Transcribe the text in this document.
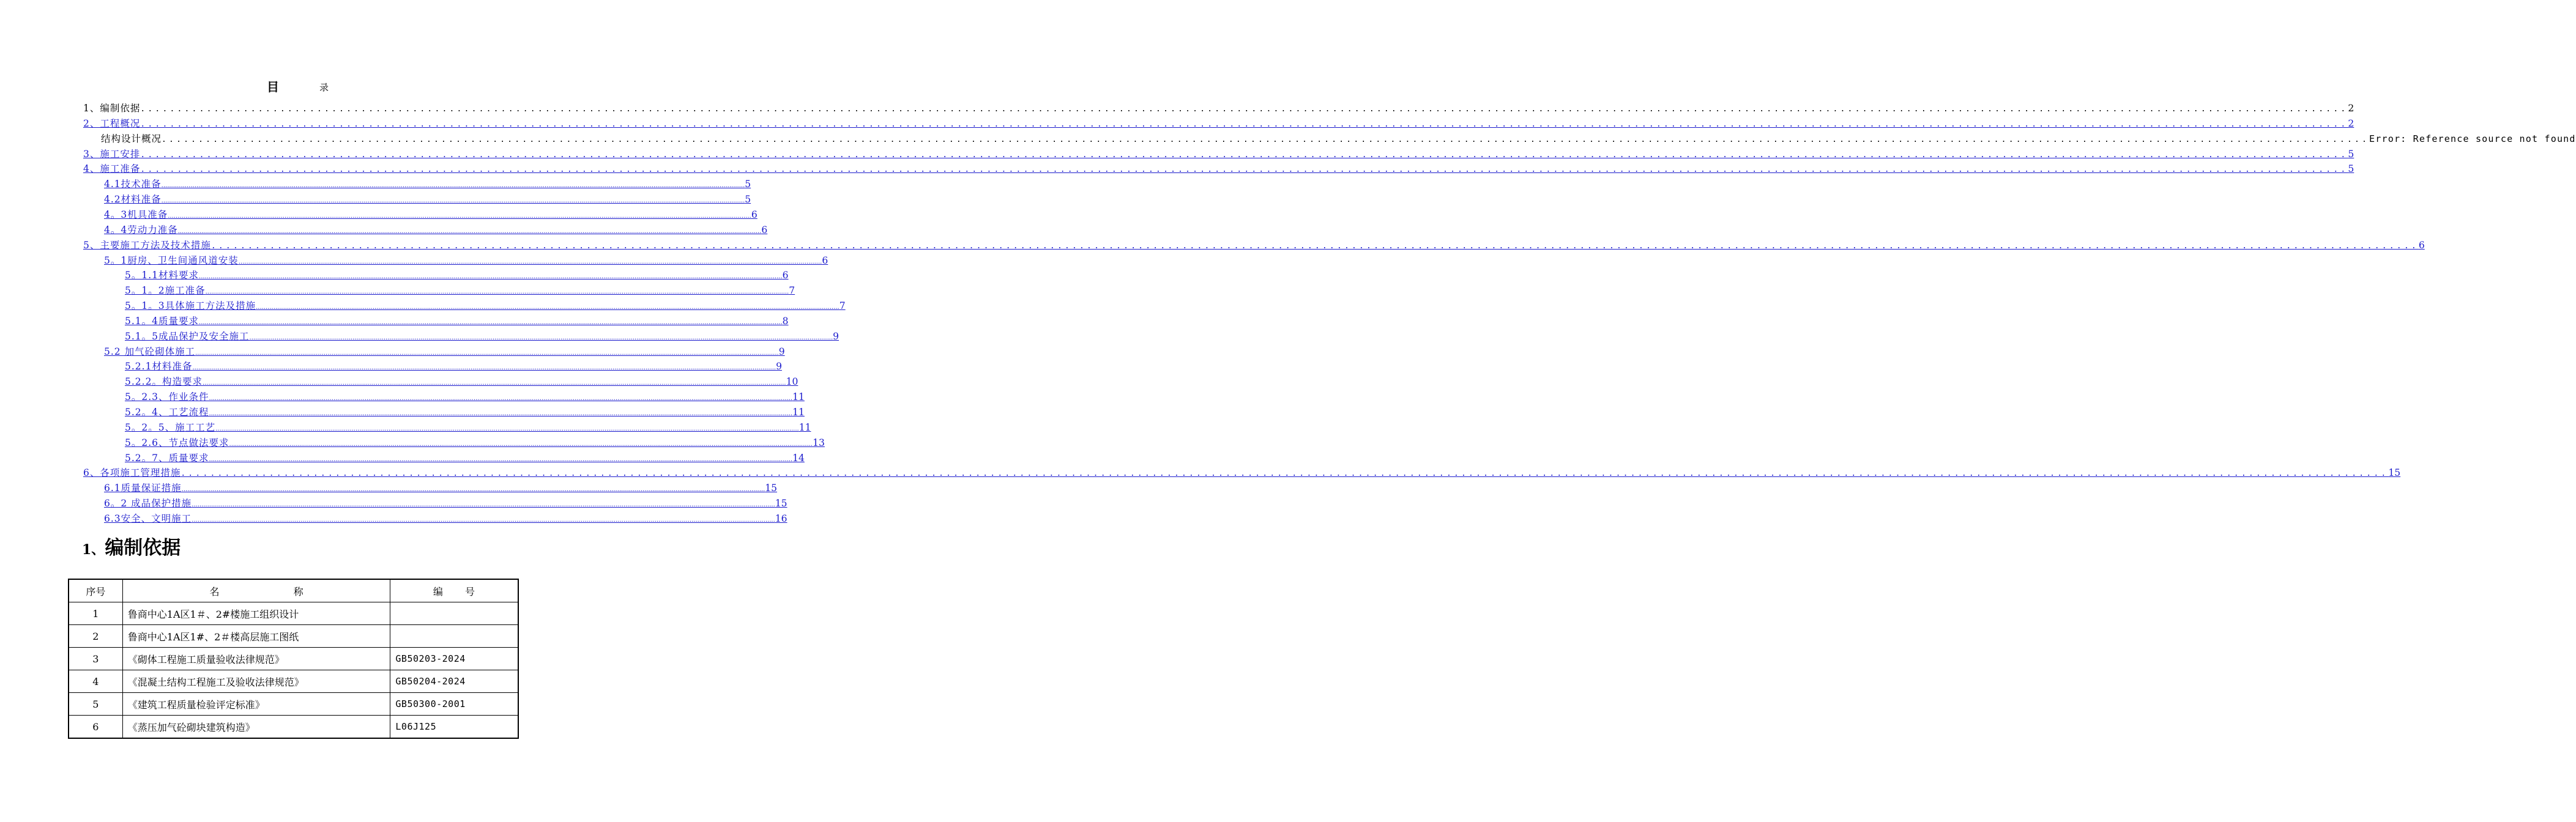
目	录
1、编制依据 ............................................................................................................................................................................................................................................................................................................ 2
2、工程概况 ............................................................................................................................................................................................................................................................................................................ 2
结构设计概况 ............................................................................................................................................................................................................................................................................................................ Error: Reference source not found
3、施工安排 ............................................................................................................................................................................................................................................................................................................ 5
4、施工准备 ............................................................................................................................................................................................................................................................................................................ 5
4.1技术准备 ............................................................................................................................................................................................................................................................................................................ 5
4.2材料准备 ............................................................................................................................................................................................................................................................................................................ 5
4。3机具准备 ............................................................................................................................................................................................................................................................................................................ 6
4。4劳动力准备 ............................................................................................................................................................................................................................................................................................................ 6
5、主要施工方法及技术措施 ............................................................................................................................................................................................................................................................................................................ 6
5。1厨房、卫生间通风道安装 ............................................................................................................................................................................................................................................................................................................ 6
5。1.1材料要求 ............................................................................................................................................................................................................................................................................................................ 6
5。1。2施工准备 ............................................................................................................................................................................................................................................................................................................ 7
5。1。3具体施工方法及措施 ............................................................................................................................................................................................................................................................................................................ 7
5.1。4质量要求 ............................................................................................................................................................................................................................................................................................................ 8
5.1。5成品保护及安全施工 ............................................................................................................................................................................................................................................................................................................ 9
5.2 加气砼砌体施工 ............................................................................................................................................................................................................................................................................................................ 9
5.2.1材料准备 ............................................................................................................................................................................................................................................................................................................ 9
5.2.2。构造要求 ............................................................................................................................................................................................................................................................................................................ 10
5。2.3、作业条件 ............................................................................................................................................................................................................................................................................................................ 11
5.2。4、工艺流程 ............................................................................................................................................................................................................................................................................................................ 11
5。2。5、施工工艺 ............................................................................................................................................................................................................................................................................................................ 11
5。2.6、节点做法要求 ............................................................................................................................................................................................................................................................................................................ 13
5.2。7、质量要求 ............................................................................................................................................................................................................................................................................................................ 14
6、各项施工管理措施 ............................................................................................................................................................................................................................................................................................................ 15
6.1质量保证措施 ............................................................................................................................................................................................................................................................................................................ 15
6。2 成品保护措施 ............................................................................................................................................................................................................................................................................................................ 15
6.3安全、文明施工 ............................................................................................................................................................................................................................................................................................................ 16
1、编制依据
序号	名 称	编 号
1	鲁商中心1A区1＃、2#楼施工组织设计	
2	鲁商中心1A区1#、2＃楼高层施工图纸	
3	《砌体工程施工质量验收法律规范》	GB50203-2024
4	《混凝土结构工程施工及验收法律规范》	GB50204-2024
5	《建筑工程质量检验评定标准》	GB50300-2001
6	《蒸压加气砼砌块建筑构造》	L06J125
